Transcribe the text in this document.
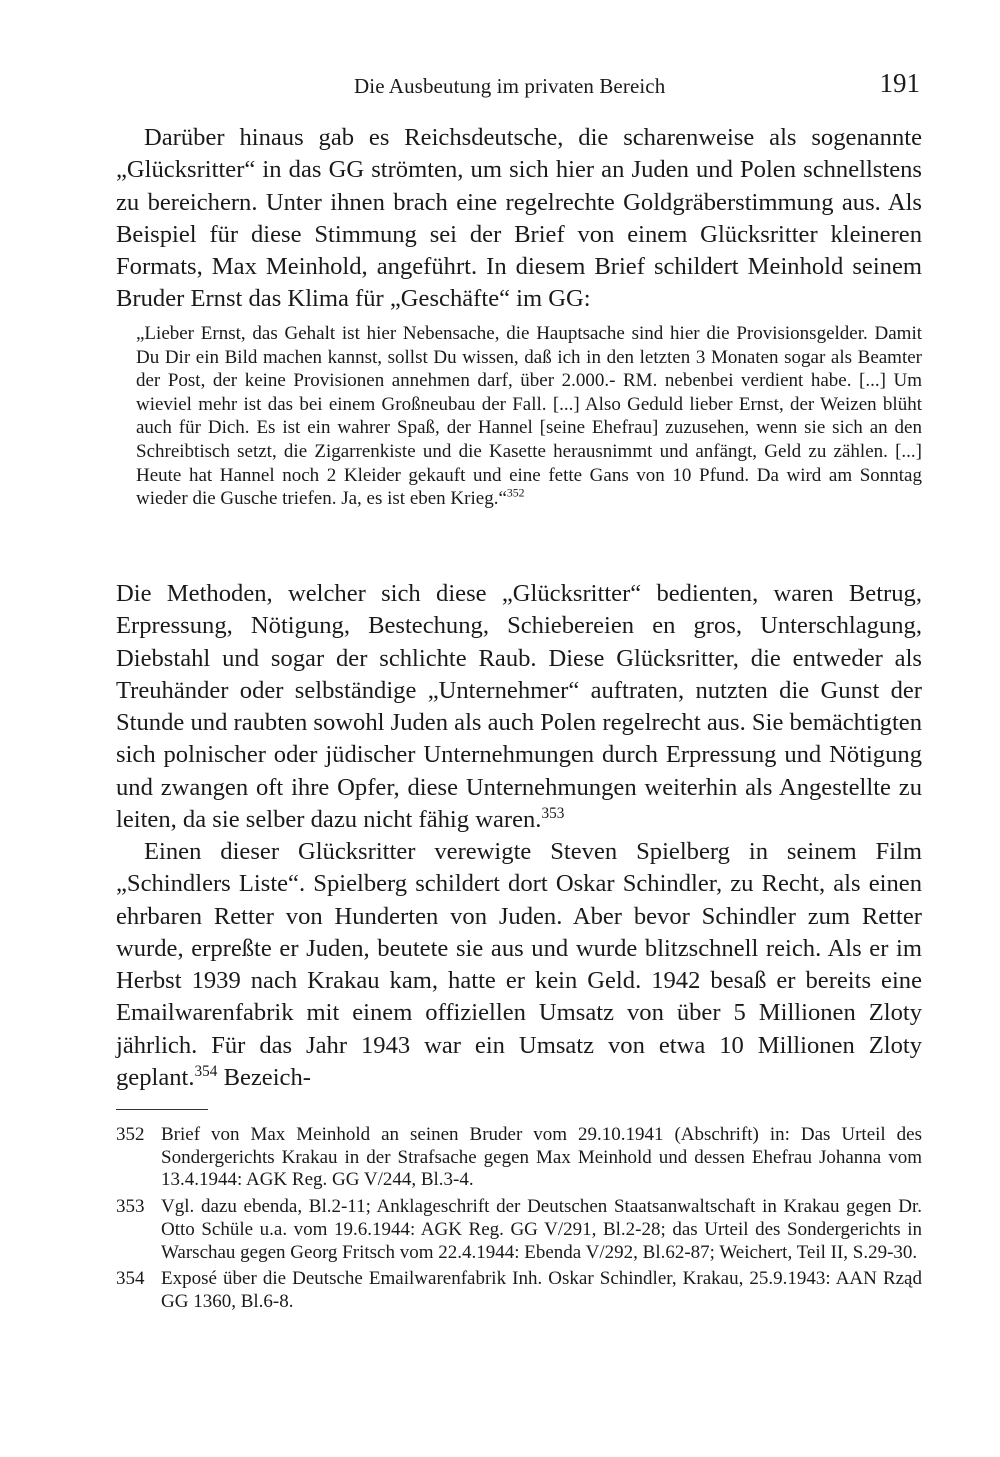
Die Ausbeutung im privaten Bereich	191

Darüber hinaus gab es Reichsdeutsche, die scharenweise als sogenannte „Glücksritter“ in das GG strömten, um sich hier an Juden und Polen schnellstens zu bereichern. Unter ihnen brach eine regelrechte Goldgräberstimmung aus. Als Beispiel für diese Stimmung sei der Brief von einem Glücksritter kleineren Formats, Max Meinhold, angeführt. In diesem Brief schildert Meinhold seinem Bruder Ernst das Klima für „Geschäfte“ im GG:

„Lieber Ernst, das Gehalt ist hier Nebensache, die Hauptsache sind hier die Provisionsgelder. Damit Du Dir ein Bild machen kannst, sollst Du wissen, daß ich in den letzten 3 Monaten sogar als Beamter der Post, der keine Provisionen annehmen darf, über 2.000.- RM. nebenbei verdient habe. [...] Um wieviel mehr ist das bei einem Großneubau der Fall. [...] Also Geduld lieber Ernst, der Weizen blüht auch für Dich. Es ist ein wahrer Spaß, der Hannel [seine Ehefrau] zuzusehen, wenn sie sich an den Schreibtisch setzt, die Zigarrenkiste und die Kasette herausnimmt und anfängt, Geld zu zählen. [...] Heute hat Hannel noch 2 Kleider gekauft und eine fette Gans von 10 Pfund. Da wird am Sonntag wieder die Gusche triefen. Ja, es ist eben Krieg.“$^{352}$

Die Methoden, welcher sich diese „Glücksritter“ bedienten, waren Betrug, Erpressung, Nötigung, Bestechung, Schiebereien en gros, Unterschlagung, Diebstahl und sogar der schlichte Raub. Diese Glücksritter, die entweder als Treuhänder oder selbständige „Unternehmer“ auftraten, nutzten die Gunst der Stunde und raubten sowohl Juden als auch Polen regelrecht aus. Sie bemächtigten sich polnischer oder jüdischer Unternehmungen durch Erpressung und Nötigung und zwangen oft ihre Opfer, diese Unternehmungen weiterhin als Angestellte zu leiten, da sie selber dazu nicht fähig waren.$^{353}$

Einen dieser Glücksritter verewigte Steven Spielberg in seinem Film „Schindlers Liste“. Spielberg schildert dort Oskar Schindler, zu Recht, als einen ehrbaren Retter von Hunderten von Juden. Aber bevor Schindler zum Retter wurde, erpreßte er Juden, beutete sie aus und wurde blitzschnell reich. Als er im Herbst 1939 nach Krakau kam, hatte er kein Geld. 1942 besaß er bereits eine Emailwarenfabrik mit einem offiziellen Umsatz von über 5 Millionen Zloty jährlich. Für das Jahr 1943 war ein Umsatz von etwa 10 Millionen Zloty geplant.$^{354}$ Bezeich-

352 Brief von Max Meinhold an seinen Bruder vom 29.10.1941 (Abschrift) in: Das Urteil des Sondergerichts Krakau in der Strafsache gegen Max Meinhold und dessen Ehefrau Johanna vom 13.4.1944: AGK Reg. GG V/244, Bl.3-4.
353 Vgl. dazu ebenda, Bl.2-11; Anklageschrift der Deutschen Staatsanwaltschaft in Krakau gegen Dr. Otto Schüle u.a. vom 19.6.1944: AGK Reg. GG V/291, Bl.2-28; das Urteil des Sondergerichts in Warschau gegen Georg Fritsch vom 22.4.1944: Ebenda V/292, Bl.62-87; Weichert, Teil II, S.29-30.
354 Exposé über die Deutsche Emailwarenfabrik Inh. Oskar Schindler, Krakau, 25.9.1943: AAN Rząd GG 1360, Bl.6-8.
